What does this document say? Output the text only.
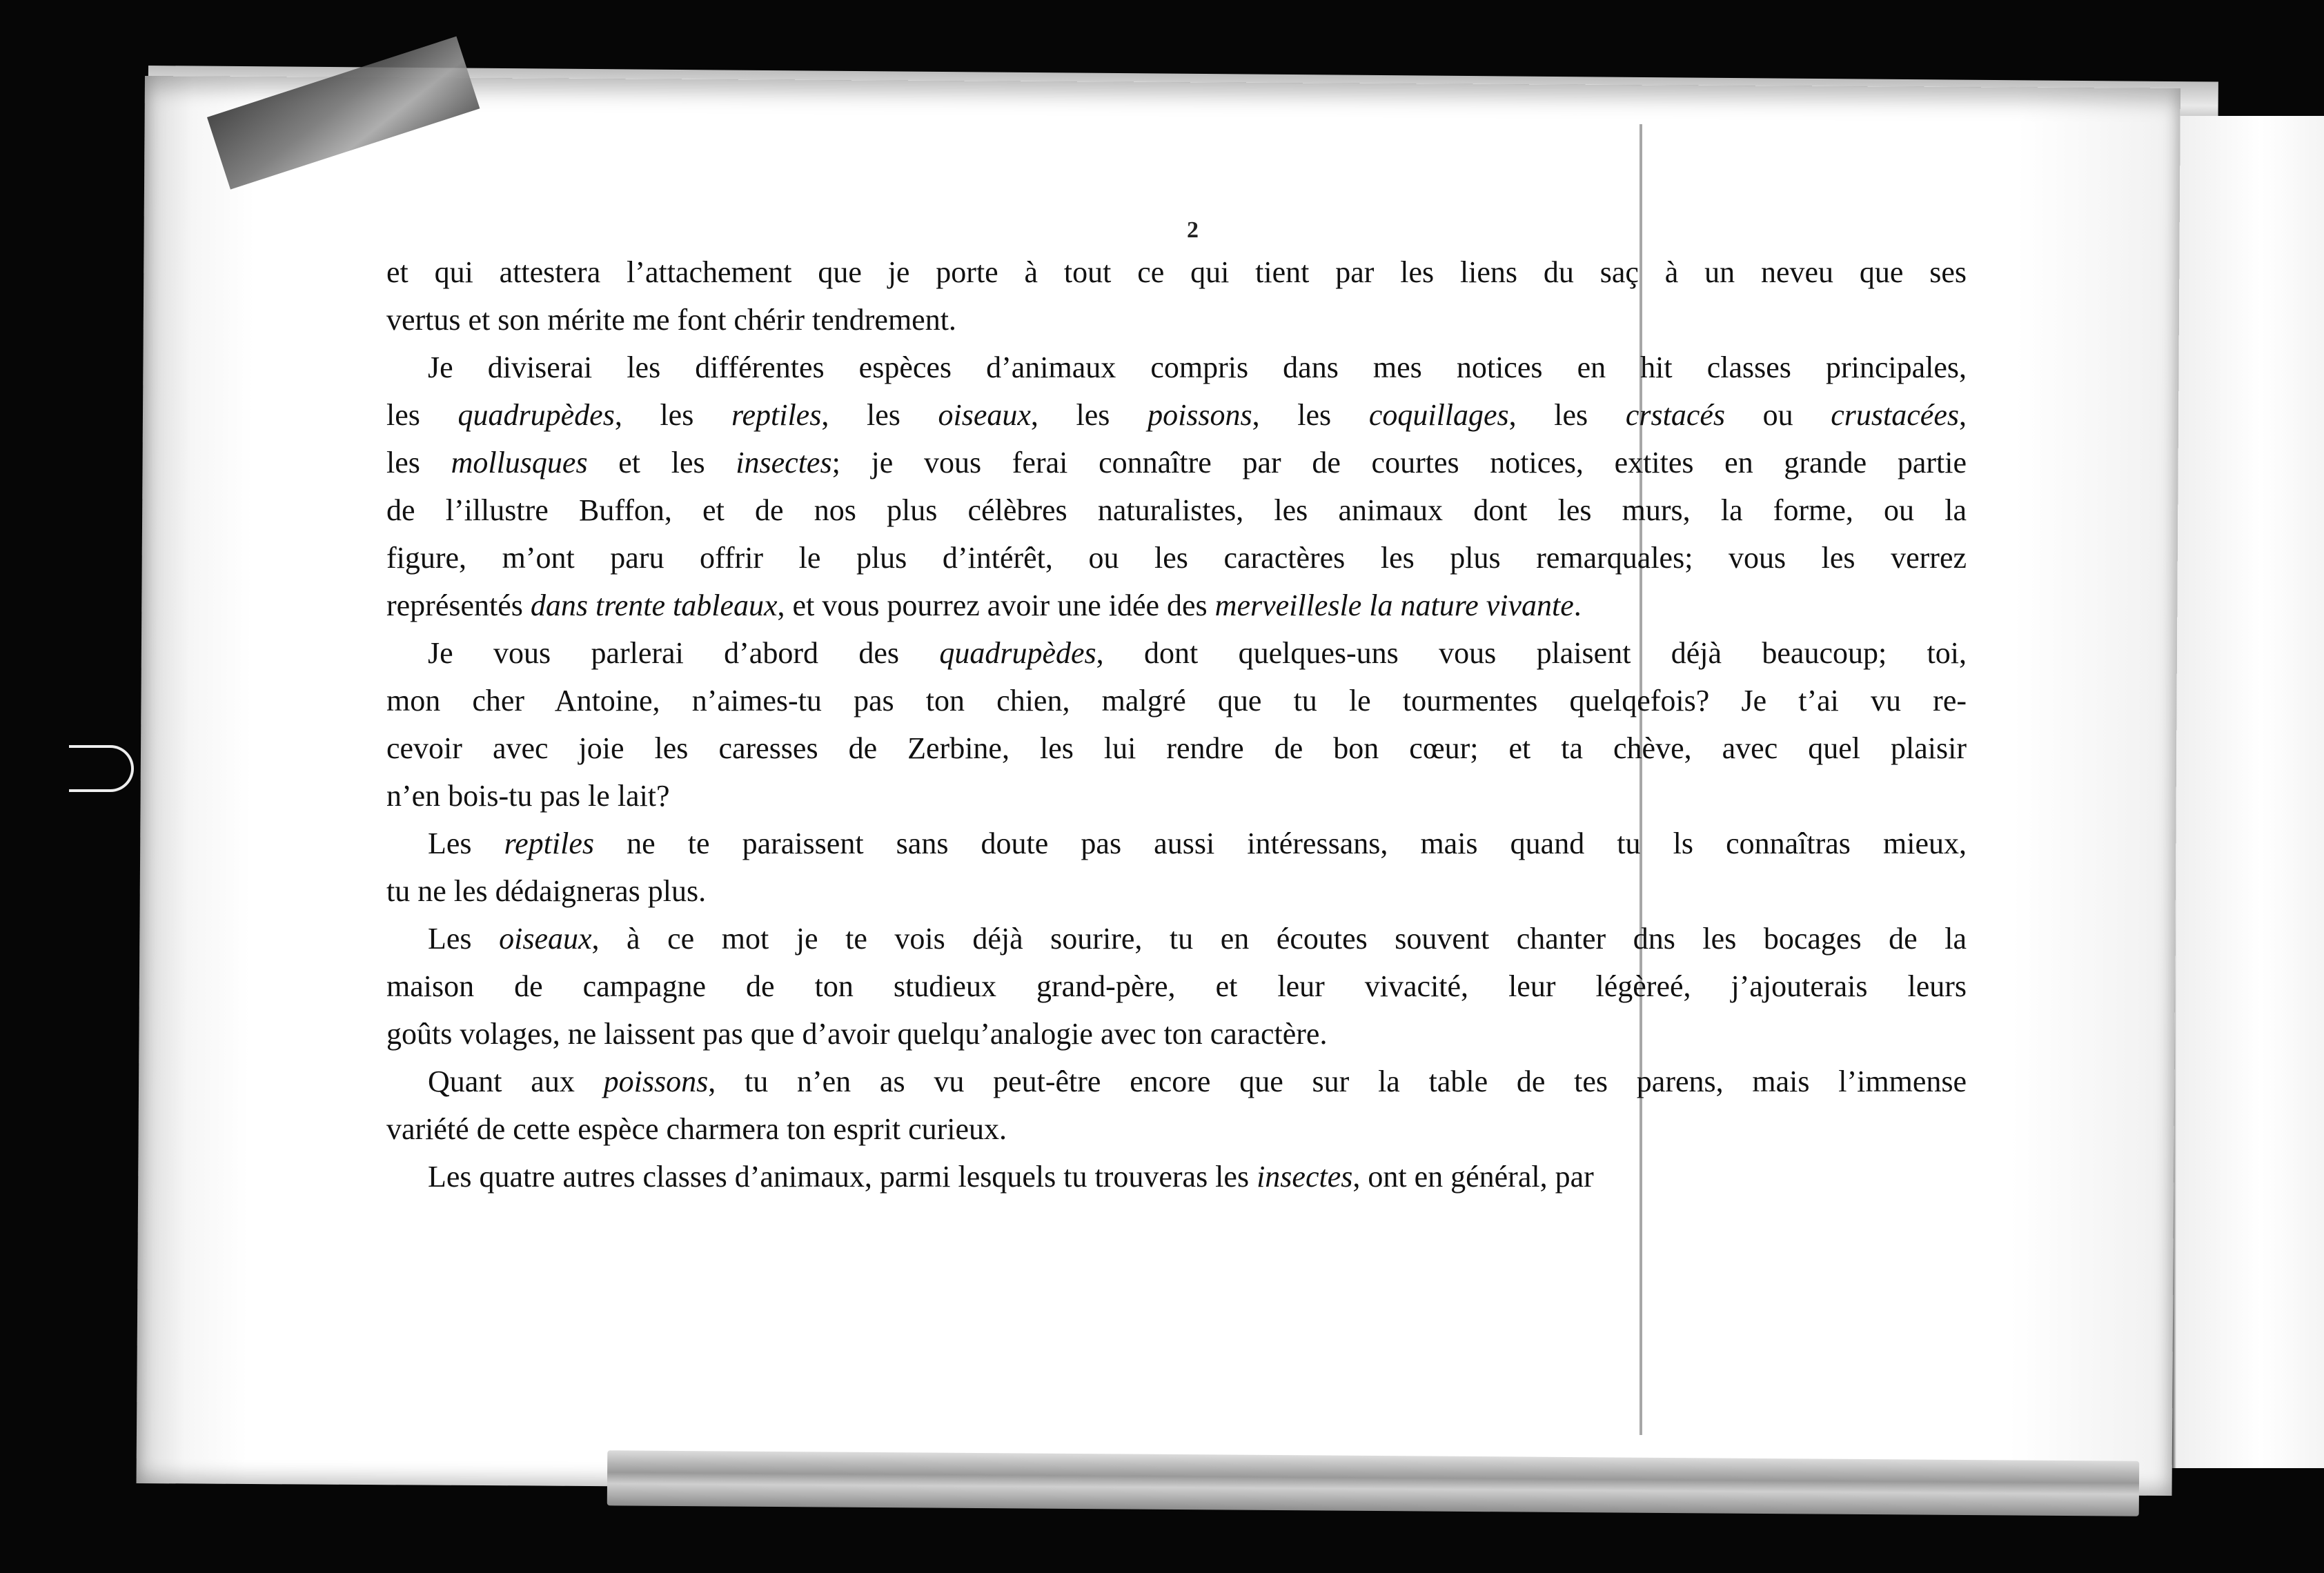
2
et qui attestera l’attachement que je porte à tout ce qui tient par les liens du saç à un neveu que ses
vertus et son mérite me font chérir tendrement.
Je diviserai les différentes espèces d’animaux compris dans mes notices en hit classes principales,
les quadrupèdes, les reptiles, les oiseaux, les poissons, les coquillages, les crstacés ou crustacées,
les mollusques et les insectes; je vous ferai connaître par de courtes notices, extites en grande partie
de l’illustre Buffon, et de nos plus célèbres naturalistes, les animaux dont les murs, la forme, ou la
figure, m’ont paru offrir le plus d’intérêt, ou les caractères les plus remarquales; vous les verrez
représentés dans trente tableaux, et vous pourrez avoir une idée des merveillesle la nature vivante.
Je vous parlerai d’abord des quadrupèdes, dont quelques-uns vous plaisent déjà beaucoup; toi,
mon cher Antoine, n’aimes-tu pas ton chien, malgré que tu le tourmentes quelqefois? Je t’ai vu re-
cevoir avec joie les caresses de Zerbine, les lui rendre de bon cœur; et ta chève, avec quel plaisir
n’en bois-tu pas le lait?
Les reptiles ne te paraissent sans doute pas aussi intéressans, mais quand tu ls connaîtras mieux,
tu ne les dédaigneras plus.
Les oiseaux, à ce mot je te vois déjà sourire, tu en écoutes souvent chanter dns les bocages de la
maison de campagne de ton studieux grand-père, et leur vivacité, leur légèreé, j’ajouterais leurs
goûts volages, ne laissent pas que d’avoir quelqu’analogie avec ton caractère.
Quant aux poissons, tu n’en as vu peut-être encore que sur la table de tes parens, mais l’immense
variété de cette espèce charmera ton esprit curieux.
Les quatre autres classes d’animaux, parmi lesquels tu trouveras les insectes, ont en général, par
